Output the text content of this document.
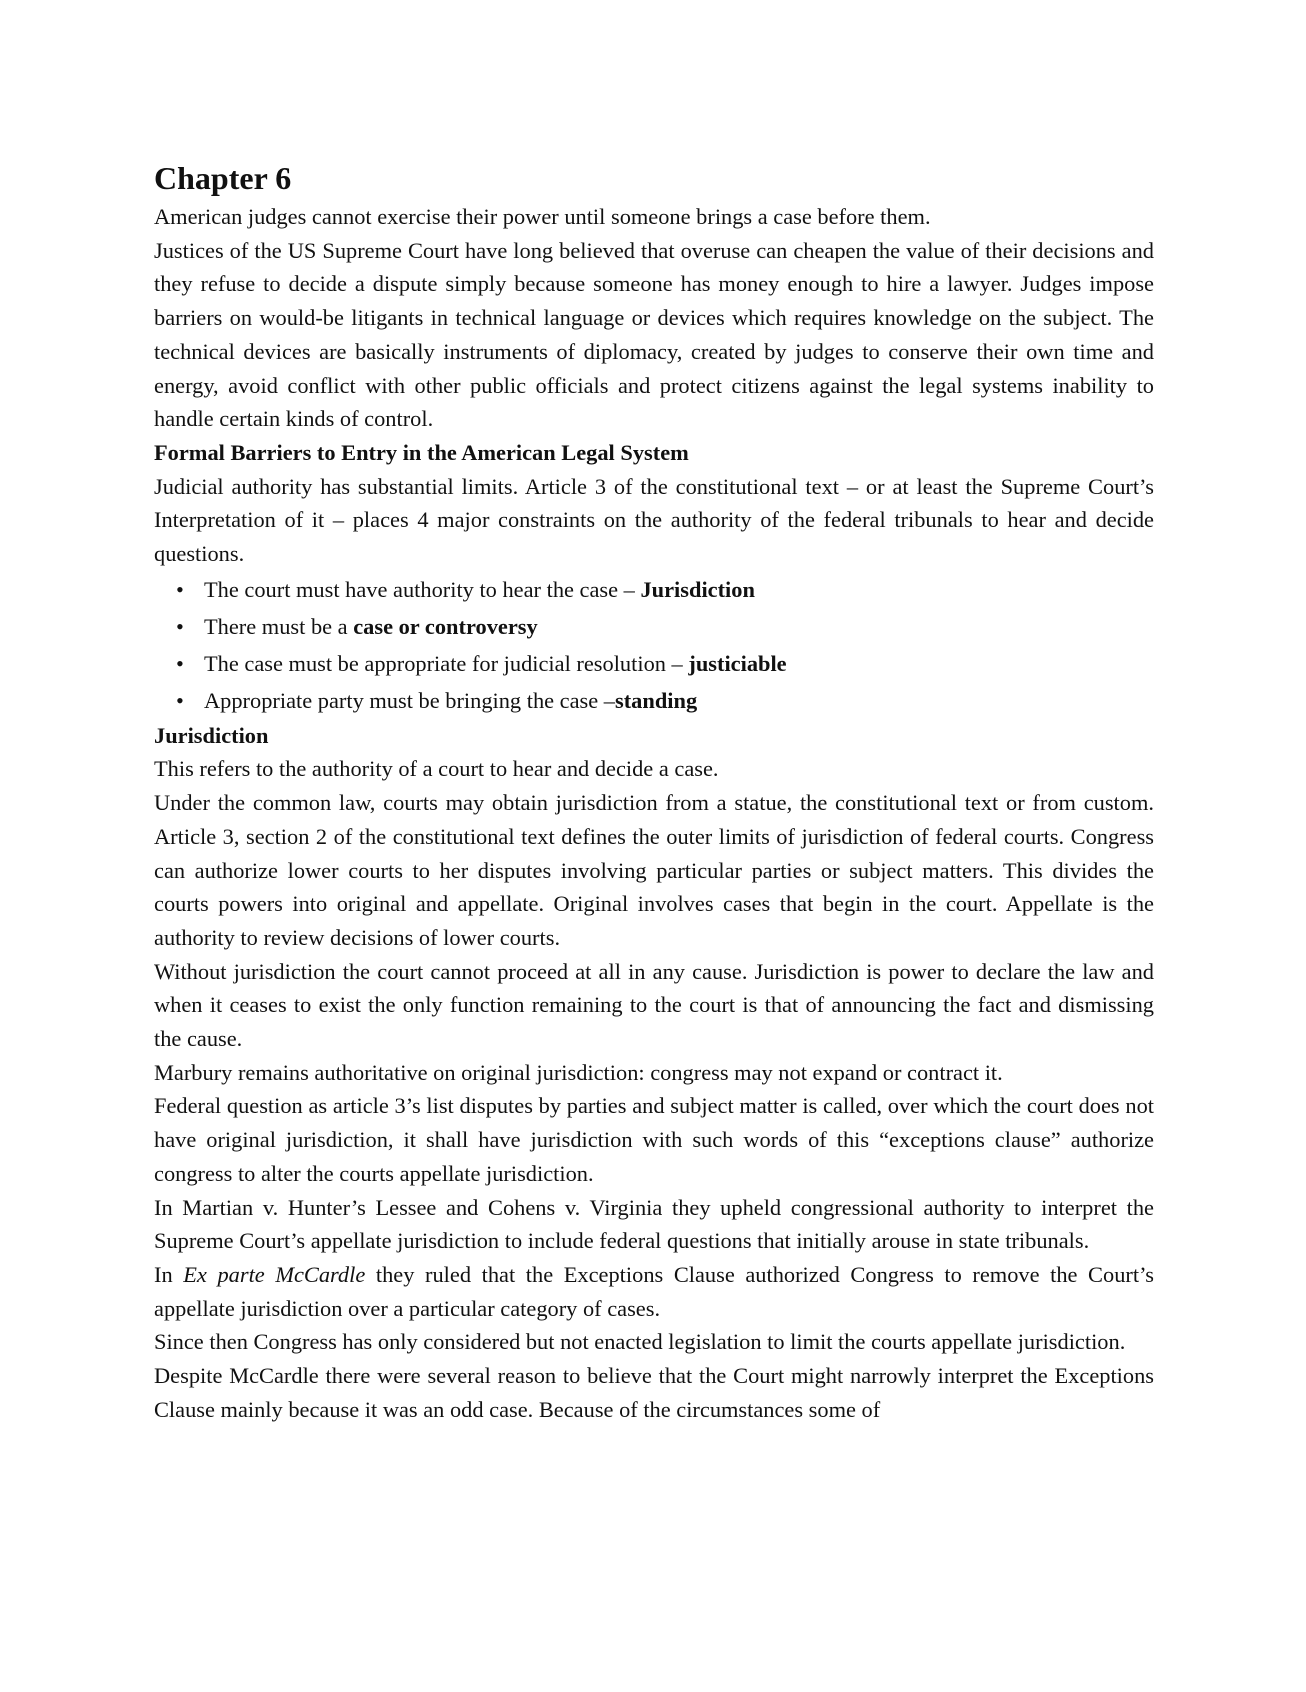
Chapter 6

American judges cannot exercise their power until someone brings a case before them.

Justices of the US Supreme Court have long believed that overuse can cheapen the value of their decisions and they refuse to decide a dispute simply because someone has money enough to hire a lawyer. Judges impose barriers on would-be litigants in technical language or devices which requires knowledge on the subject. The technical devices are basically instruments of diplomacy, created by judges to conserve their own time and energy, avoid conflict with other public officials and protect citizens against the legal systems inability to handle certain kinds of control.

Formal Barriers to Entry in the American Legal System

Judicial authority has substantial limits. Article 3 of the constitutional text – or at least the Supreme Court’s Interpretation of it – places 4 major constraints on the authority of the federal tribunals to hear and decide questions.

• The court must have authority to hear the case – Jurisdiction
• There must be a case or controversy
• The case must be appropriate for judicial resolution – justiciable
• Appropriate party must be bringing the case –standing

Jurisdiction

This refers to the authority of a court to hear and decide a case.

Under the common law, courts may obtain jurisdiction from a statue, the constitutional text or from custom. Article 3, section 2 of the constitutional text defines the outer limits of jurisdiction of federal courts. Congress can authorize lower courts to her disputes involving particular parties or subject matters. This divides the courts powers into original and appellate. Original involves cases that begin in the court. Appellate is the authority to review decisions of lower courts.

Without jurisdiction the court cannot proceed at all in any cause. Jurisdiction is power to declare the law and when it ceases to exist the only function remaining to the court is that of announcing the fact and dismissing the cause.

Marbury remains authoritative on original jurisdiction: congress may not expand or contract it.

Federal question as article 3’s list disputes by parties and subject matter is called, over which the court does not have original jurisdiction, it shall have jurisdiction with such words of this “exceptions clause” authorize congress to alter the courts appellate jurisdiction.

In Martian v. Hunter’s Lessee and Cohens v. Virginia they upheld congressional authority to interpret the Supreme Court’s appellate jurisdiction to include federal questions that initially arouse in state tribunals.

In Ex parte McCardle they ruled that the Exceptions Clause authorized Congress to remove the Court’s appellate jurisdiction over a particular category of cases.

Since then Congress has only considered but not enacted legislation to limit the courts appellate jurisdiction.

Despite McCardle there were several reason to believe that the Court might narrowly interpret the Exceptions Clause mainly because it was an odd case. Because of the circumstances some of
